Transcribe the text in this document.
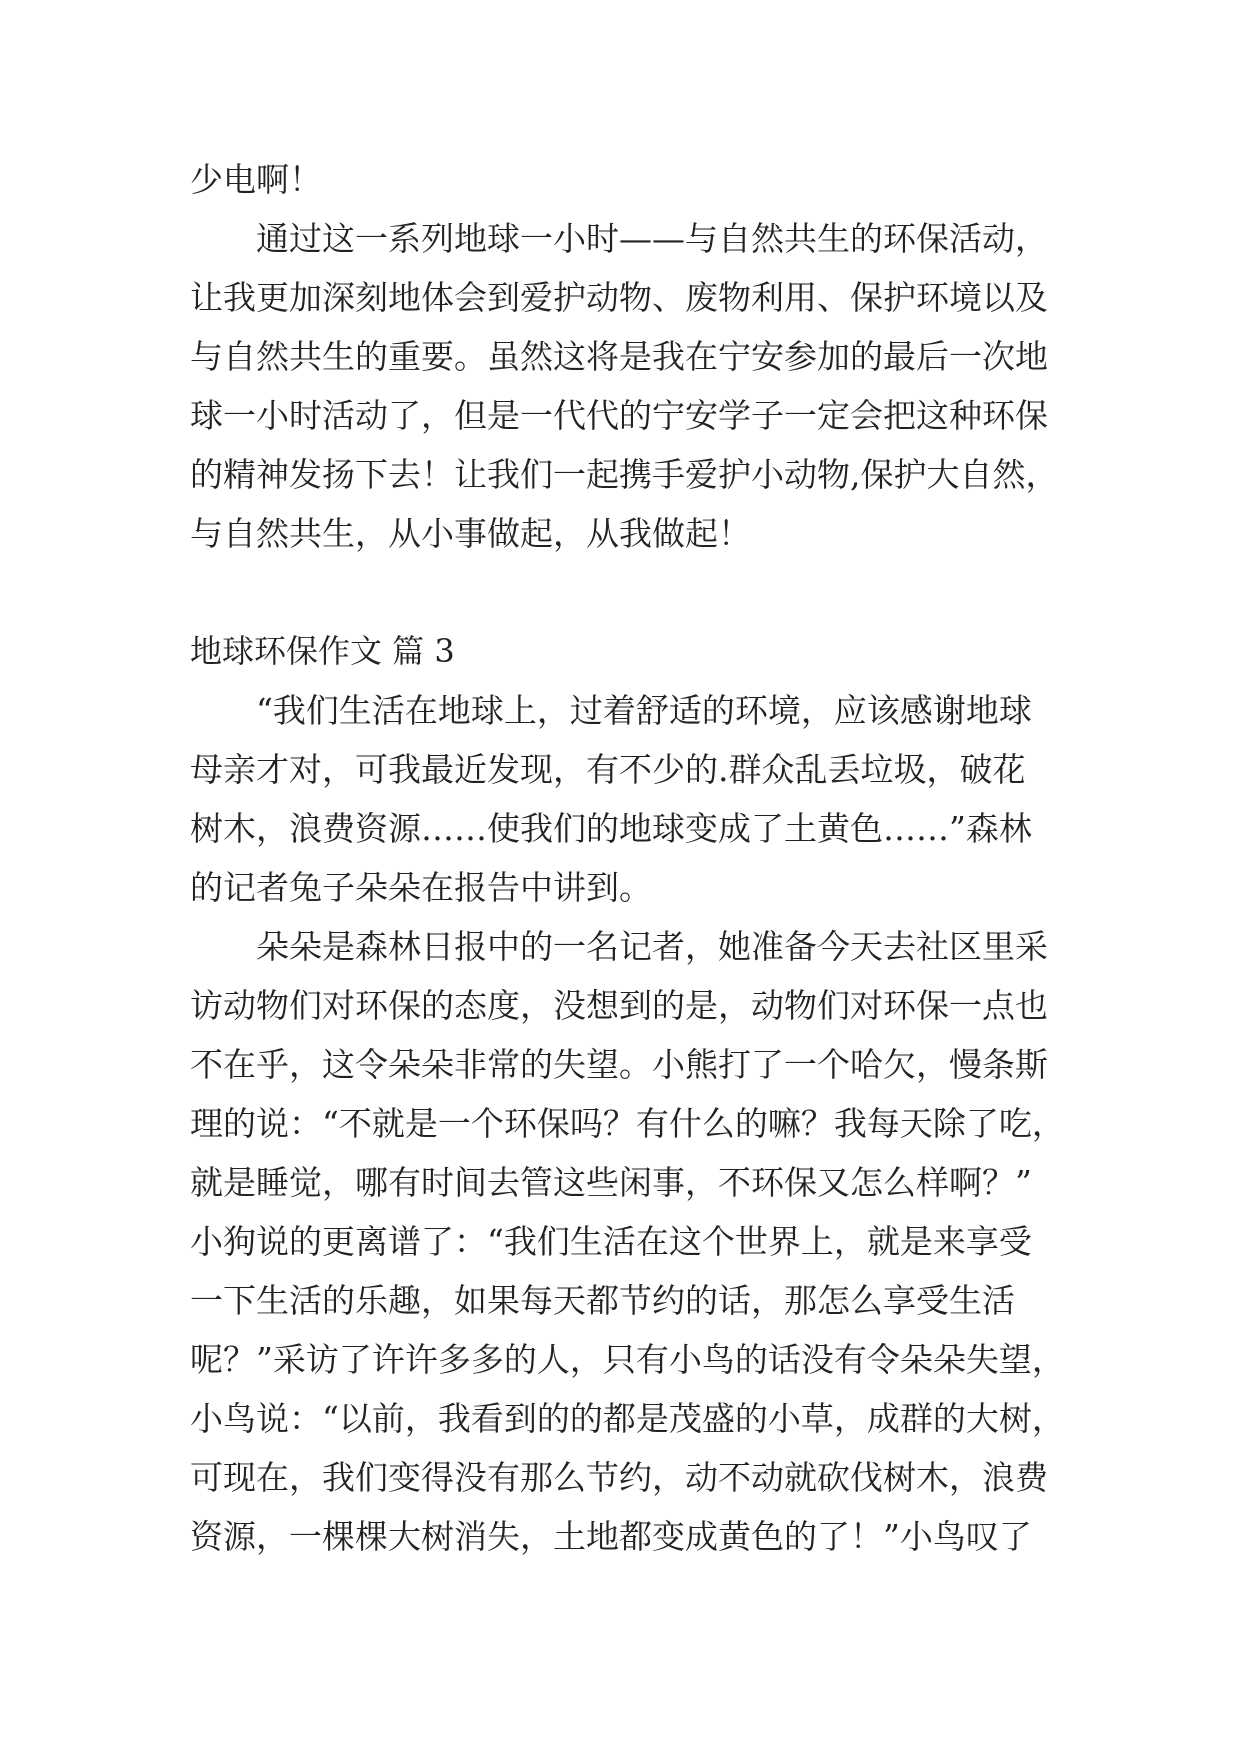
少电啊！
通过这一系列地球一小时——与自然共生的环保活动，
让我更加深刻地体会到爱护动物、废物利用、保护环境以及
与自然共生的重要。虽然这将是我在宁安参加的最后一次地
球一小时活动了，但是一代代的宁安学子一定会把这种环保
的精神发扬下去！让我们一起携手爱护小动物,保护大自然，
与自然共生，从小事做起，从我做起！
地球环保作文 篇 3
“我们生活在地球上，过着舒适的环境，应该感谢地球
母亲才对，可我最近发现，有不少的.群众乱丢垃圾，破花
树木，浪费资源……使我们的地球变成了土黄色……”森林
的记者兔子朵朵在报告中讲到。
朵朵是森林日报中的一名记者，她准备今天去社区里采
访动物们对环保的态度，没想到的是，动物们对环保一点也
不在乎，这令朵朵非常的失望。小熊打了一个哈欠，慢条斯
理的说：“不就是一个环保吗？有什么的嘛？我每天除了吃，
就是睡觉，哪有时间去管这些闲事，不环保又怎么样啊？”
小狗说的更离谱了：“我们生活在这个世界上，就是来享受
一下生活的乐趣，如果每天都节约的话，那怎么享受生活
呢？”采访了许许多多的人，只有小鸟的话没有令朵朵失望，
小鸟说：“以前，我看到的的都是茂盛的小草，成群的大树，
可现在，我们变得没有那么节约，动不动就砍伐树木，浪费
资源，一棵棵大树消失，土地都变成黄色的了！”小鸟叹了
